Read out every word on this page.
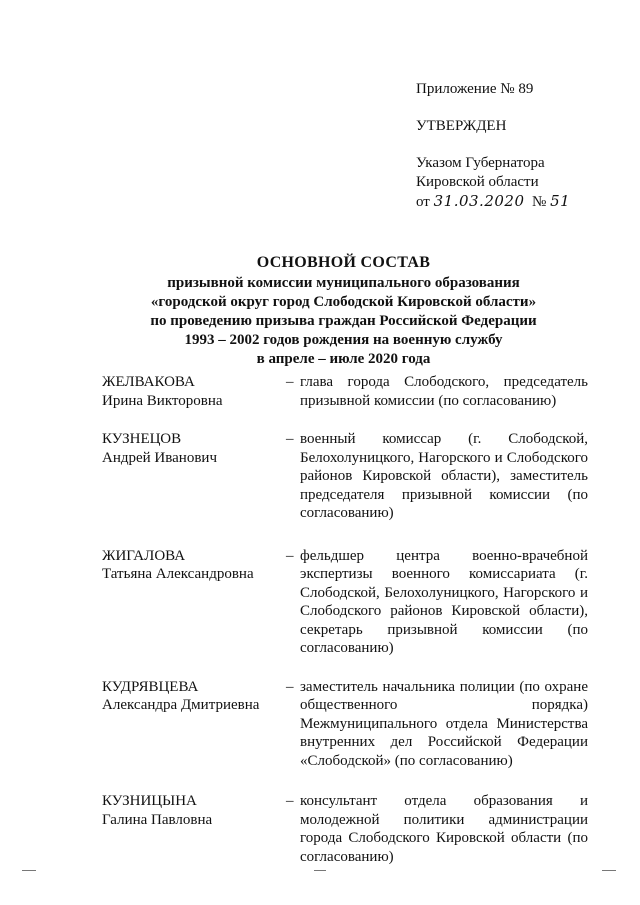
Приложение № 89
УТВЕРЖДЕН
Указом Губернатора
Кировской области
от 31.03.2020 № 51
ОСНОВНОЙ СОСТАВ
призывной комиссии муниципального образования
«городской округ город Слободской Кировской области»
по проведению призыва граждан Российской Федерации
1993 – 2002 годов рождения на военную службу
в апреле – июле 2020 года
ЖЕЛВАКОВА
Ирина Викторовна
– глава города Слободского, председатель призывной комиссии (по согласованию)
КУЗНЕЦОВ
Андрей Иванович
– военный комиссар (г. Слободской, Белохолуницкого, Нагорского и Слободского районов Кировской области), заместитель председателя призывной комиссии (по согласованию)
ЖИГАЛОВА
Татьяна Александровна
– фельдшер центра военно-врачебной экспертизы военного комиссариата (г. Слободской, Белохолуницкого, Нагорского и Слободского районов Кировской области), секретарь призывной комиссии (по согласованию)
КУДРЯВЦЕВА
Александра Дмитриевна
– заместитель начальника полиции (по охране общественного порядка) Межмуниципального отдела Министерства внутренних дел Российской Федерации «Слободской» (по согласованию)
КУЗНИЦЫНА
Галина Павловна
– консультант отдела образования и молодежной политики администрации города Слободского Кировской области (по согласованию)
